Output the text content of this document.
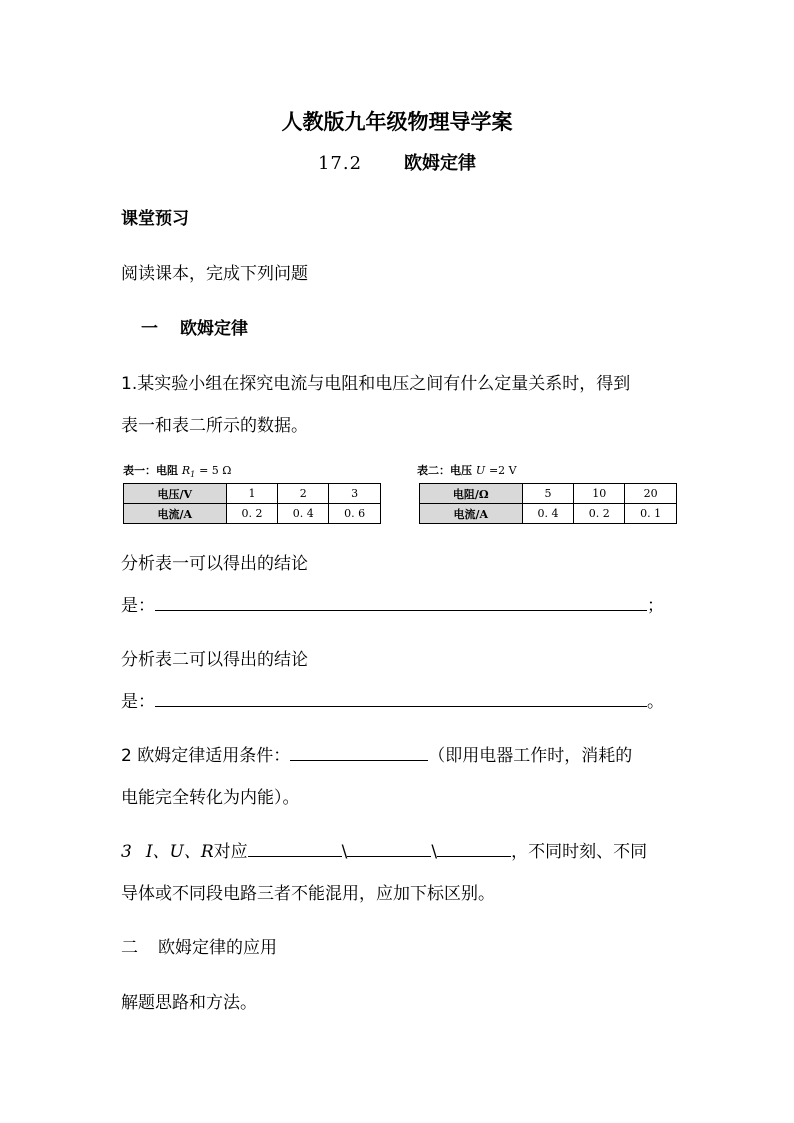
人教版九年级物理导学案
17.2 欧姆定律
课堂预习
阅读课本，完成下列问题
一 欧姆定律
1.某实验小组在探究电流与电阻和电压之间有什么定量关系时，得到
表一和表二所示的数据。
表一：电阻 $R_1 = 5$ Ω
电压/V	1	2	3
电流/A	0. 2	0. 4	0. 6
表二：电压 U =2 V
电阻/Ω	5	10	20
电流/A	0. 4	0. 2	0. 1
分析表一可以得出的结论
是：	；
分析表二可以得出的结论
是：	。
2 欧姆定律适用条件：	（即用电器工作时，消耗的
电能完全转化为内能）。
3 I、U、R对应	\	\	，不同时刻、不同
导体或不同段电路三者不能混用，应加下标区别。
二 欧姆定律的应用
解题思路和方法。
